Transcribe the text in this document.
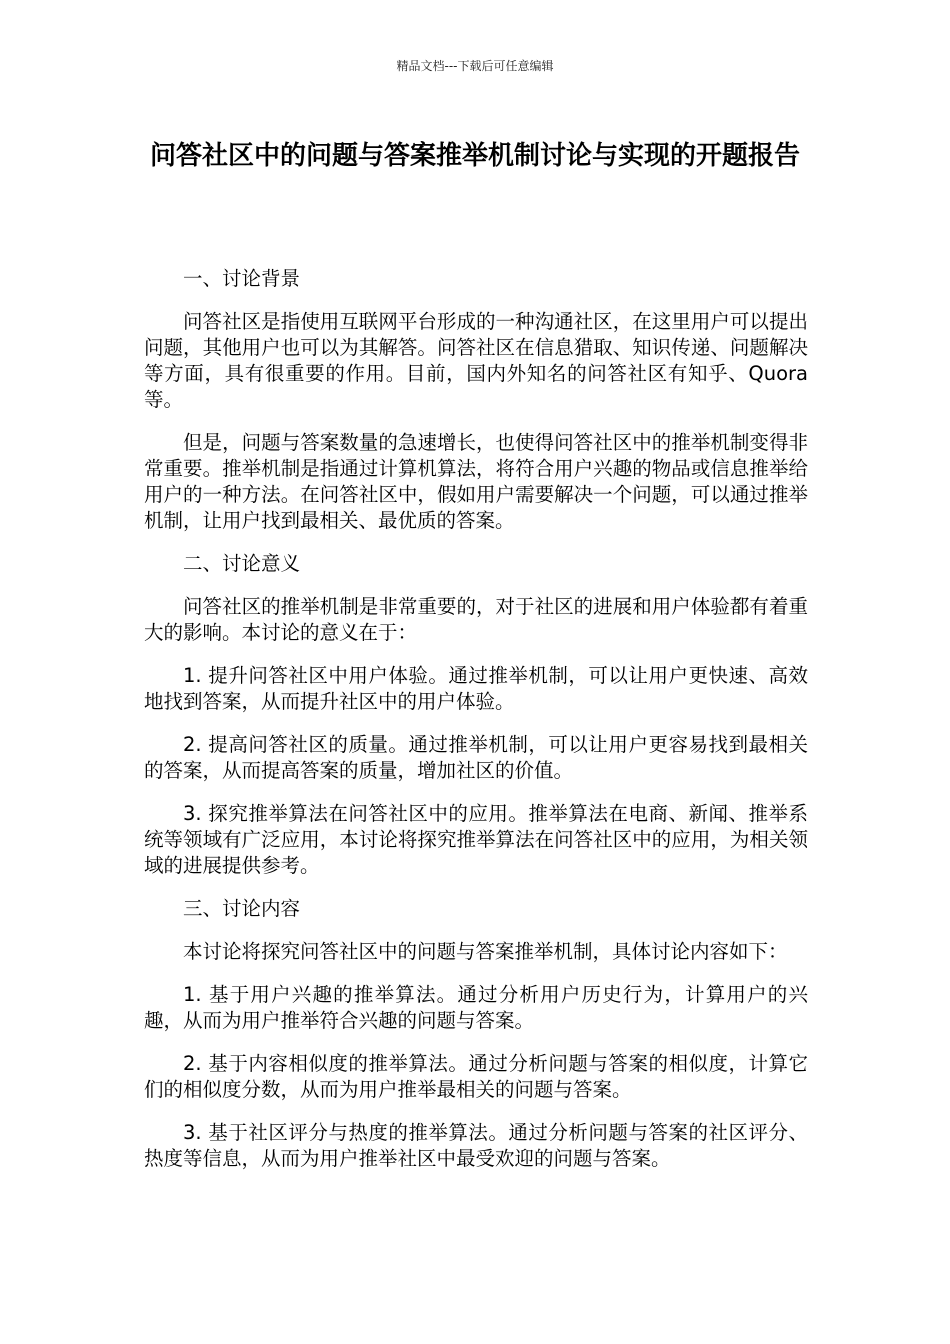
精品文档---下载后可任意编辑
问答社区中的问题与答案推举机制讨论与实现的开题报告

一、讨论背景

问答社区是指使用互联网平台形成的一种沟通社区，在这里用户可以提出问题，其他用户也可以为其解答。问答社区在信息猎取、知识传递、问题解决等方面，具有很重要的作用。目前，国内外知名的问答社区有知乎、Quora 等。

但是，问题与答案数量的急速增长，也使得问答社区中的推举机制变得非常重要。推举机制是指通过计算机算法，将符合用户兴趣的物品或信息推举给用户的一种方法。在问答社区中，假如用户需要解决一个问题，可以通过推举机制，让用户找到最相关、最优质的答案。

二、讨论意义

问答社区的推举机制是非常重要的，对于社区的进展和用户体验都有着重大的影响。本讨论的意义在于：

1. 提升问答社区中用户体验。通过推举机制，可以让用户更快速、高效地找到答案，从而提升社区中的用户体验。

2. 提高问答社区的质量。通过推举机制，可以让用户更容易找到最相关的答案，从而提高答案的质量，增加社区的价值。

3. 探究推举算法在问答社区中的应用。推举算法在电商、新闻、推举系统等领域有广泛应用，本讨论将探究推举算法在问答社区中的应用，为相关领域的进展提供参考。

三、讨论内容

本讨论将探究问答社区中的问题与答案推举机制，具体讨论内容如下：

1. 基于用户兴趣的推举算法。通过分析用户历史行为，计算用户的兴趣，从而为用户推举符合兴趣的问题与答案。

2. 基于内容相似度的推举算法。通过分析问题与答案的相似度，计算它们的相似度分数，从而为用户推举最相关的问题与答案。

3. 基于社区评分与热度的推举算法。通过分析问题与答案的社区评分、热度等信息，从而为用户推举社区中最受欢迎的问题与答案。
